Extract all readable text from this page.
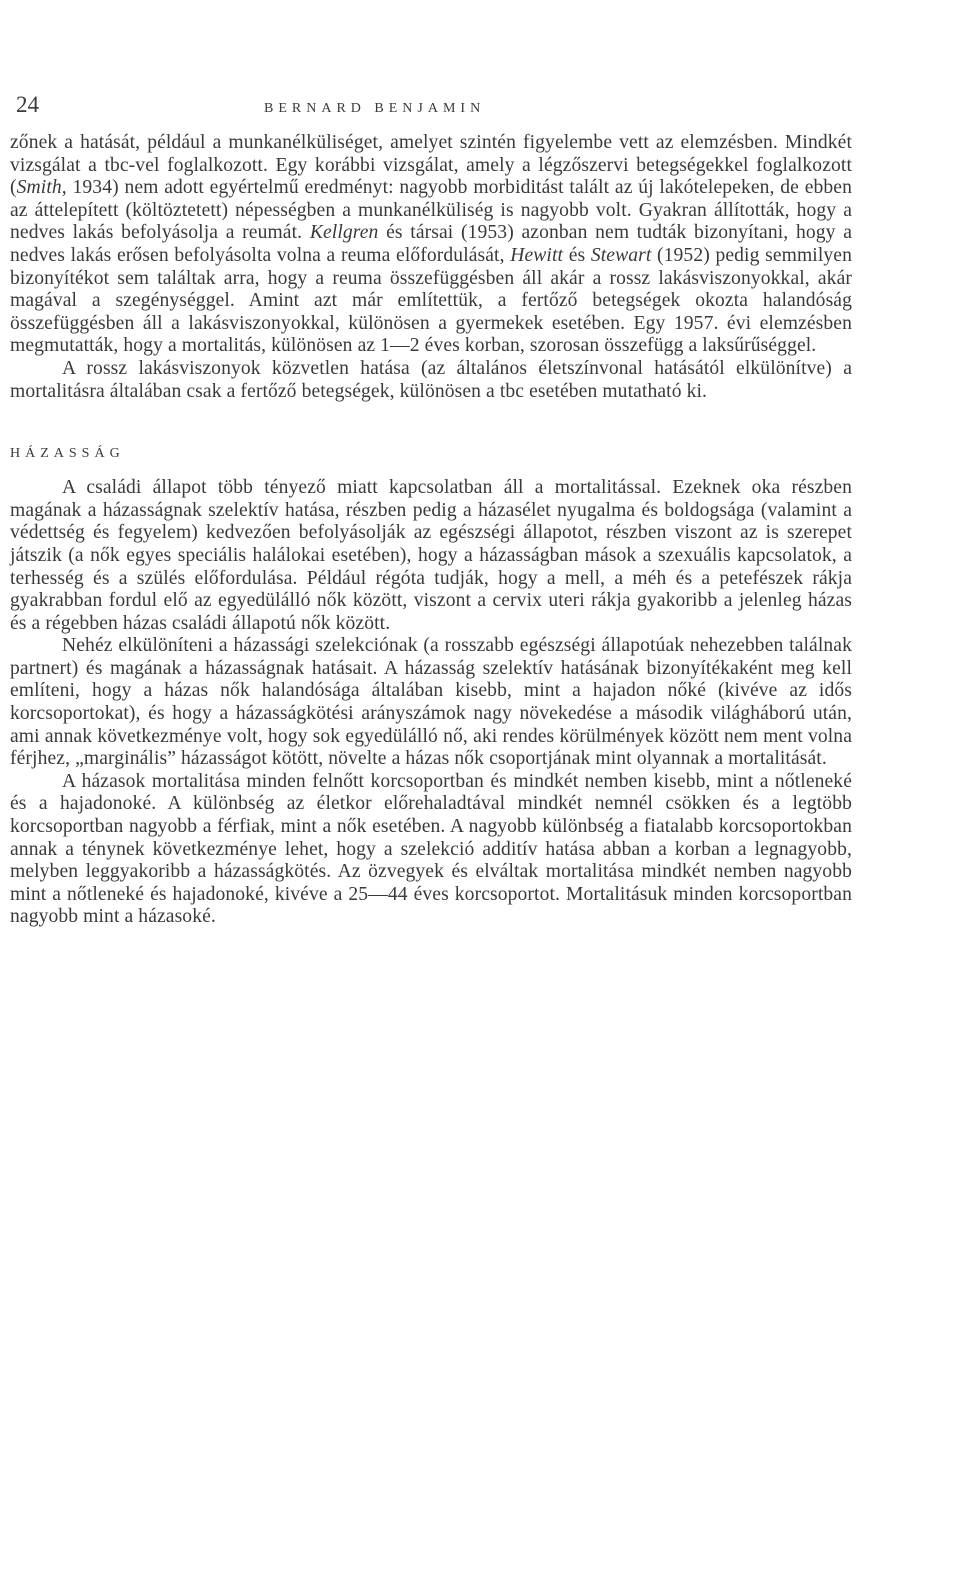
24	BERNARD BENJAMIN

zőnek a hatását, például a munkanélküliséget, amelyet szintén figyelembe vett az elemzésben. Mindkét vizsgálat a tbc-vel foglalkozott. Egy korábbi vizsgálat, amely a légzőszervi betegségekkel foglalkozott (Smith, 1934) nem adott egyértelmű eredményt: nagyobb morbiditást talált az új lakótelepeken, de ebben az áttelepített (költöztetett) népességben a munkanélküliség is nagyobb volt. Gyakran állították, hogy a nedves lakás befolyásolja a reumát. Kellgren és társai (1953) azonban nem tudták bizonyítani, hogy a nedves lakás erősen befolyásolta volna a reuma előfordulását, Hewitt és Stewart (1952) pedig semmilyen bizonyítékot sem találtak arra, hogy a reuma összefüggésben áll akár a rossz lakásviszonyokkal, akár magával a szegénységgel. Amint azt már említettük, a fertőző betegségek okozta halandóság összefüggésben áll a lakásviszonyokkal, különösen a gyermekek esetében. Egy 1957. évi elemzésben megmutatták, hogy a mortalitás, különösen az 1—2 éves korban, szorosan összefügg a laksűrűséggel.

A rossz lakásviszonyok közvetlen hatása (az általános életszínvonal hatásától elkülönítve) a mortalitásra általában csak a fertőző betegségek, különösen a tbc esetében mutatható ki.

HÁZASSÁG

A családi állapot több tényező miatt kapcsolatban áll a mortalitással. Ezeknek oka részben magának a házasságnak szelektív hatása, részben pedig a házasélet nyugalma és boldogsága (valamint a védettség és fegyelem) kedvezően befolyásolják az egészségi állapotot, részben viszont az is szerepet játszik (a nők egyes speciális halálokai esetében), hogy a házasságban mások a szexuális kapcsolatok, a terhesség és a szülés előfordulása. Például régóta tudják, hogy a mell, a méh és a petefészek rákja gyakrabban fordul elő az egyedülálló nők között, viszont a cervix uteri rákja gyakoribb a jelenleg házas és a régebben házas családi állapotú nők között.

Nehéz elkülöníteni a házassági szelekciónak (a rosszabb egészségi állapotúak nehezebben találnak partnert) és magának a házasságnak hatásait. A házasság szelektív hatásának bizonyítékaként meg kell említeni, hogy a házas nők halandósága általában kisebb, mint a hajadon nőké (kivéve az idős korcsoportokat), és hogy a házasságkötési arányszámok nagy növekedése a második világháború után, ami annak következménye volt, hogy sok egyedülálló nő, aki rendes körülmények között nem ment volna férjhez, „marginális” házasságot kötött, növelte a házas nők csoportjának mint olyannak a mortalitását.

A házasok mortalitása minden felnőtt korcsoportban és mindkét nemben kisebb, mint a nőtleneké és a hajadonoké. A különbség az életkor előrehaladtával mindkét nemnél csökken és a legtöbb korcsoportban nagyobb a férfiak, mint a nők esetében. A nagyobb különbség a fiatalabb korcsoportokban annak a ténynek következménye lehet, hogy a szelekció additív hatása abban a korban a legnagyobb, melyben leggyakoribb a házasságkötés. Az özvegyek és elváltak mortalitása mindkét nemben nagyobb mint a nőtleneké és hajadonoké, kivéve a 25—44 éves korcsoportot. Mortalitásuk minden korcsoportban nagyobb mint a házasoké.
